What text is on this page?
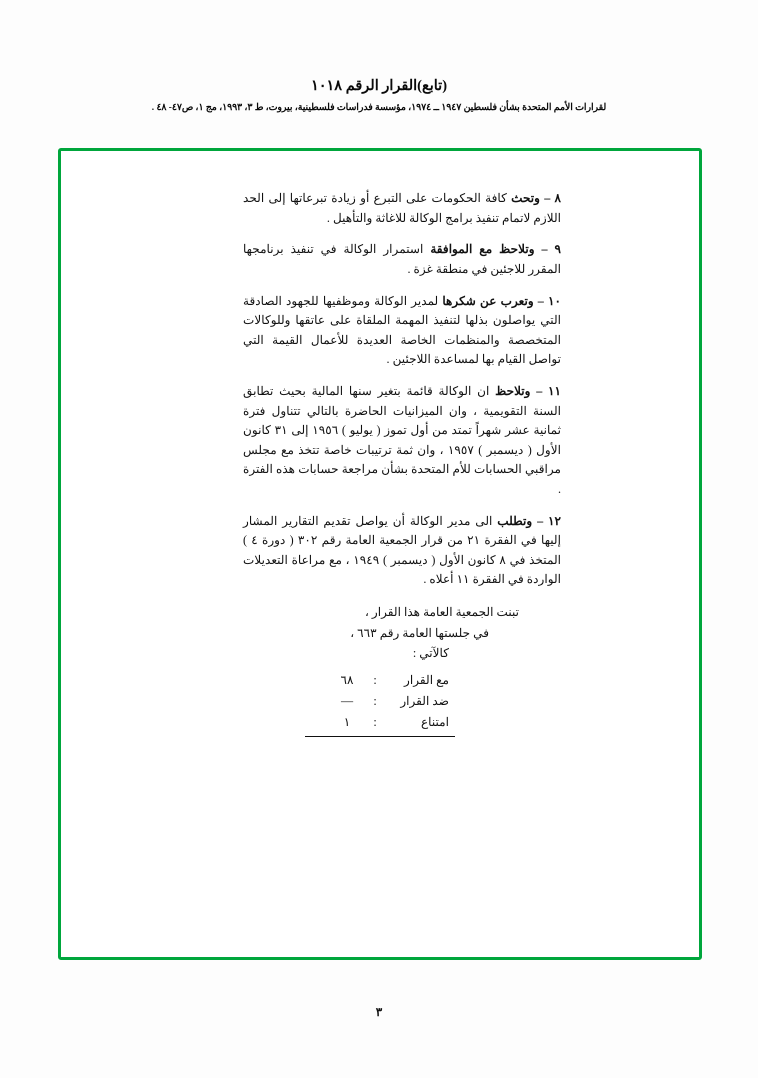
(تابع)القرار الرقم ١٠١٨
لقرارات الأمم المتحدة بشأن فلسطين ١٩٤٧ ــ ١٩٧٤، مؤسسة فدراسات فلسطينية، بيروت، ط ٣، ١٩٩٣، مج ١، ص٤٧- ٤٨ .

٨ – وتحث كافة الحكومات على التبرع أو زيادة تبرعاتها إلى الحد اللازم لاتمام تنفيذ برامج الوكالة للاغاثة والتأهيل .

٩ – وتلاحظ مع الموافقة استمرار الوكالة في تنفيذ برنامجها المقرر للاجئين في منطقة غزة .

١٠ – وتعرب عن شكرها لمدير الوكالة وموظفيها للجهود الصادقة التي يواصلون بذلها لتنفيذ المهمة الملقاة على عاتقها وللوكالات المتخصصة والمنظمات الخاصة العديدة للأعمال القيمة التي تواصل القيام بها لمساعدة اللاجئين .

١١ – وتلاحظ ان الوكالة قائمة بتغير سنها المالية بحيث تطابق السنة التقويمية ، وان الميزانيات الحاضرة بالتالي تتناول فترة ثمانية عشر شهراً تمتد من أول تموز ( يوليو ) ١٩٥٦ إلى ٣١ كانون الأول ( ديسمبر ) ١٩٥٧ ، وان ثمة ترتيبات خاصة تتخذ مع مجلس مراقبي الحسابات للأم المتحدة بشأن مراجعة حسابات هذه الفترة .

١٢ – وتطلب الى مدير الوكالة أن يواصل تقديم التقارير المشار إليها في الفقرة ٢١ من قرار الجمعية العامة رقم ٣٠٢ ( دورة ٤ ) المتخذ في ٨ كانون الأول ( ديسمبر ) ١٩٤٩ ، مع مراعاة التعديلات الواردة في الفقرة ١١ أعلاه .

تبنت الجمعية العامة هذا القرار ،
في جلستها العامة رقم ٦٦٣ ،
كالآتي :
مع القرار
:
٦٨
ضد القرار
:
—
امتناع
:
١
٣
